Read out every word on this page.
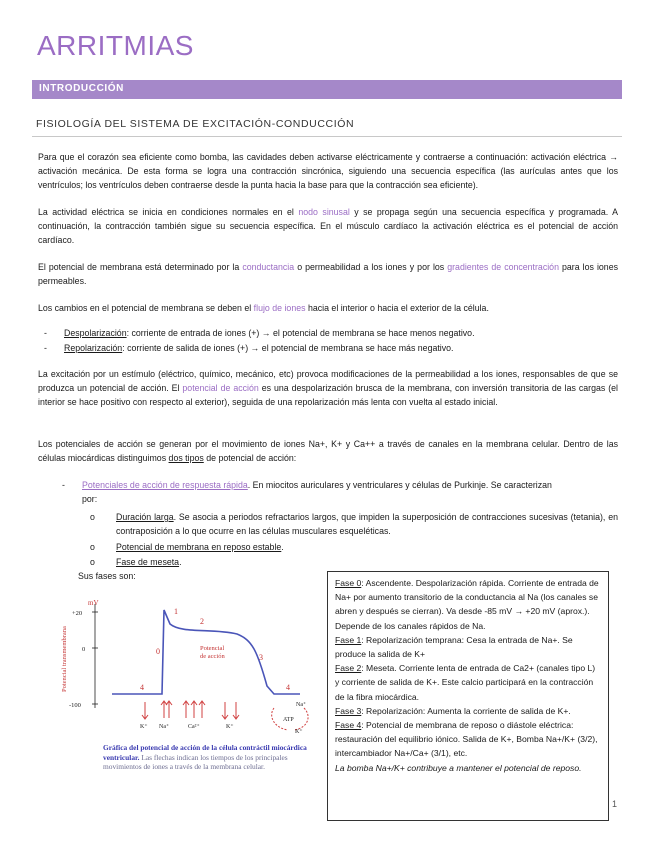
ARRITMIAS
INTRODUCCIÓN
FISIOLOGÍA DEL SISTEMA DE EXCITACIÓN-CONDUCCIÓN
Para que el corazón sea eficiente como bomba, las cavidades deben activarse eléctricamente y contraerse a continuación: activación eléctrica → activación mecánica. De esta forma se logra una contracción sincrónica, siguiendo una secuencia específica (las aurículas antes que los ventrículos; los ventrículos deben contraerse desde la punta hacia la base para que la contracción sea eficiente).
La actividad eléctrica se inicia en condiciones normales en el nodo sinusal y se propaga según una secuencia específica y programada. A continuación, la contracción también sigue su secuencia específica. En el músculo cardíaco la activación eléctrica es el potencial de acción cardíaco.
El potencial de membrana está determinado por la conductancia o permeabilidad a los iones y por los gradientes de concentración para los iones permeables.
Los cambios en el potencial de membrana se deben el flujo de iones hacia el interior o hacia el exterior de la célula.
- Despolarización: corriente de entrada de iones (+) → el potencial de membrana se hace menos negativo.
- Repolarización: corriente de salida de iones (+) → el potencial de membrana se hace más negativo.
La excitación por un estímulo (eléctrico, químico, mecánico, etc) provoca modificaciones de la permeabilidad a los iones, responsables de que se produzca un potencial de acción. El potencial de acción es una despolarización brusca de la membrana, con inversión transitoria de las cargas (el interior se hace positivo con respecto al exterior), seguida de una repolarización más lenta con vuelta al estado inicial.
Los potenciales de acción se generan por el movimiento de iones Na+, K+ y Ca++ a través de canales en la membrana celular. Dentro de las células miocárdicas distinguimos dos tipos de potencial de acción:
- Potenciales de acción de respuesta rápida. En miocitos auriculares y ventriculares y células de Purkinje. Se caracterizan
por:
o Duración larga. Se asocia a periodos refractarios largos, que impiden la superposición de contracciones sucesivas (tetania), en contraposición a lo que ocurre en las células musculares esqueléticas.
o Potencial de membrana en reposo estable.
o Fase de meseta.
Sus fases son:
mV
+20
0
-100
Potencial transmembrana	0
1
2
3
4	4
Potencial
de acción
K⁺ Na⁺	Ca²⁺	K⁺
Na⁺
ATP
K⁺
Gráfica del potencial de acción de la célula contráctil miocárdica ventricular. Las flechas indican los tiempos de los principales movimientos de iones a través de la membrana celular.

Fase 0: Ascendente. Despolarización rápida. Corriente de entrada de Na+ por aumento transitorio de la conductancia al Na (los canales se abren y después se cierran). Va desde -85 mV → +20 mV (aprox.). Depende de los canales rápidos de Na.

Fase 1: Repolarización temprana: Cesa la entrada de Na+. Se produce la salida de K+

Fase 2: Meseta. Corriente lenta de entrada de Ca2+ (canales tipo L) y corriente de salida de K+. Este calcio participará en la contracción de la fibra miocárdica.

Fase 3: Repolarización: Aumenta la corriente de salida de K+.

Fase 4: Potencial de membrana de reposo o diástole eléctrica: restauración del equilibrio iónico. Salida de K+, Bomba Na+/K+ (3/2), intercambiador Na+/Ca+ (3/1), etc.

La bomba Na+/K+ contribuye a mantener el potencial de reposo.

1
